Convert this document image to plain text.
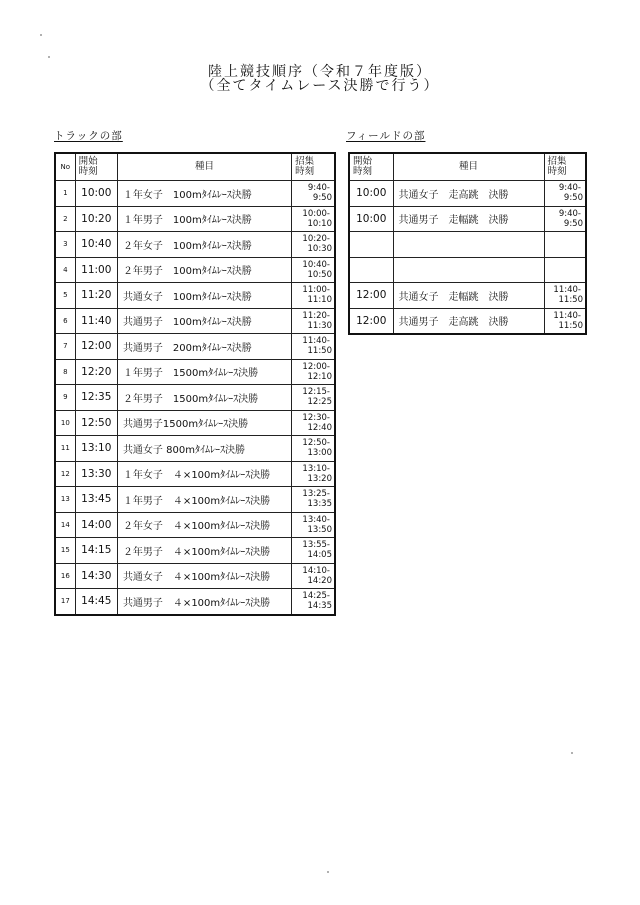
陸上競技順序（令和７年度版）
（全てタイムレース決勝で行う）
トラックの部	フィールドの部
No	開始
時刻	種目	招集
時刻
1	10:00	１年女子　100mﾀｲﾑﾚｰｽ決勝	9:40-
9:50

2	10:20	１年男子　100mﾀｲﾑﾚｰｽ決勝	10:00-
10:10

3	10:40	２年女子　100mﾀｲﾑﾚｰｽ決勝	10:20-
10:30

4	11:00	２年男子　100mﾀｲﾑﾚｰｽ決勝	10:40-
10:50

5	11:20	共通女子　100mﾀｲﾑﾚｰｽ決勝	11:00-
11:10

6	11:40	共通男子　100mﾀｲﾑﾚｰｽ決勝	11:20-
11:30

7	12:00	共通男子　200mﾀｲﾑﾚｰｽ決勝	11:40-
11:50

8	12:20	１年男子　1500mﾀｲﾑﾚｰｽ決勝	12:00-
12:10

9	12:35	２年男子　1500mﾀｲﾑﾚｰｽ決勝	12:15-
12:25

10	12:50	共通男子1500mﾀｲﾑﾚｰｽ決勝	12:30-
12:40

11	13:10	共通女子 800mﾀｲﾑﾚｰｽ決勝	12:50-
13:00

12	13:30	１年女子　４×100mﾀｲﾑﾚｰｽ決勝	13:10-
13:20

13	13:45	１年男子　４×100mﾀｲﾑﾚｰｽ決勝	13:25-
13:35

14	14:00	２年女子　４×100mﾀｲﾑﾚｰｽ決勝	13:40-
13:50

15	14:15	２年男子　４×100mﾀｲﾑﾚｰｽ決勝	13:55-
14:05

16	14:30	共通女子　４×100mﾀｲﾑﾚｰｽ決勝	14:10-
14:20

17	14:45	共通男子　４×100mﾀｲﾑﾚｰｽ決勝	14:25-
14:35
開始
時刻	種目	招集
時刻
10:00	共通女子　走高跳　決勝	9:40-
9:50

10:00	共通男子　走幅跳　決勝	9:40-
9:50

12:00	共通女子　走幅跳　決勝	11:40-
11:50

12:00	共通男子　走高跳　決勝	11:40-
11:50
